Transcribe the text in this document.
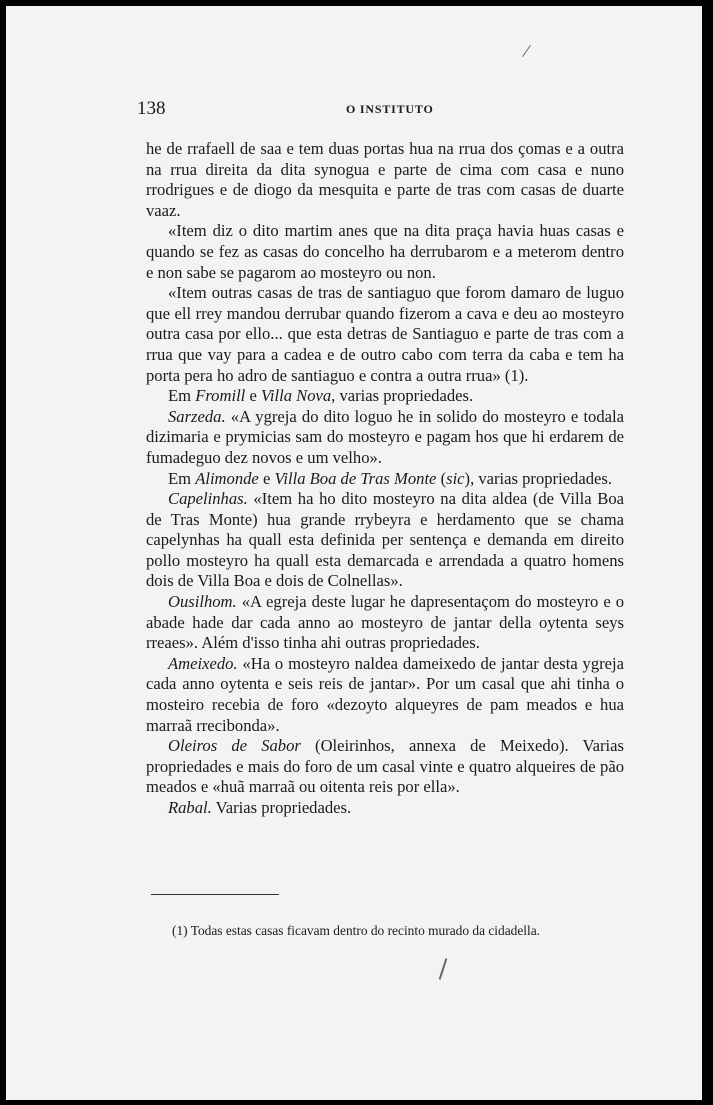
138	O INSTITUTO

he de rrafaell de saa e tem duas portas hua na rrua dos çomas e a outra na rrua direita da dita synogua e parte de cima com casa e nuno rrodrigues e de diogo da mesquita e parte de tras com casas de duarte vaaz.

«Item diz o dito martim anes que na dita praça havia huas casas e quando se fez as casas do concelho ha derrubarom e a meterom dentro e non sabe se pagarom ao mosteyro ou non.

«Item outras casas de tras de santiaguo que forom damaro de luguo que ell rrey mandou derrubar quando fizerom a cava e deu ao mosteyro outra casa por ello... que esta detras de Santiaguo e parte de tras com a rrua que vay para a cadea e de outro cabo com terra da caba e tem ha porta pera ho adro de santiaguo e contra a outra rrua» (1).

Em Fromill e Villa Nova, varias propriedades.

Sarzeda. «A ygreja do dito loguo he in solido do mosteyro e todala dizimaria e prymicias sam do mosteyro e pagam hos que hi erdarem de fumadeguo dez novos e um velho».

Em Alimonde e Villa Boa de Tras Monte (sic), varias propriedades.

Capelinhas. «Item ha ho dito mosteyro na dita aldea (de Villa Boa de Tras Monte) hua grande rrybeyra e herdamento que se chama capelynhas ha quall esta definida per sentença e demanda em direito pollo mosteyro ha quall esta demarcada e arrendada a quatro homens dois de Villa Boa e dois de Colnellas».

Ousilhom. «A egreja deste lugar he dapresentaçom do mosteyro e o abade hade dar cada anno ao mosteyro de jantar della oytenta seys rreaes». Além d'isso tinha ahi outras propriedades.

Ameixedo. «Ha o mosteyro naldea dameixedo de jantar desta ygreja cada anno oytenta e seis reis de jantar». Por um casal que ahi tinha o mosteiro recebia de foro «dezoyto alqueyres de pam meados e hua marraã rrecibonda».

Oleiros de Sabor (Oleirinhos, annexa de Meixedo). Varias propriedades e mais do foro de um casal vinte e quatro alqueires de pão meados e «huã marraã ou oitenta reis por ella».

Rabal. Varias propriedades.

(1) Todas estas casas ficavam dentro do recinto murado da cidadella.
